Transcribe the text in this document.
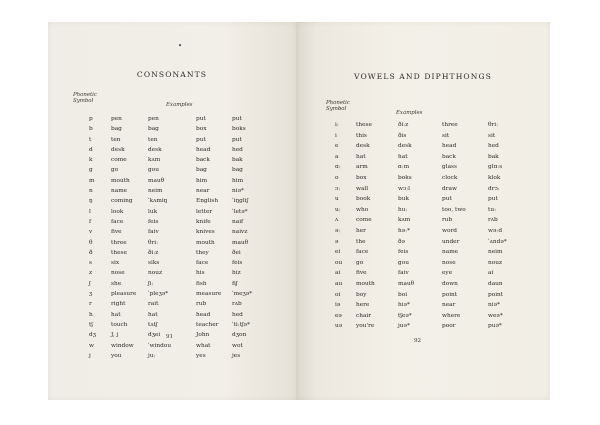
•
CONSONANTS
Phonetic Symbol
Examples
p	pen	pen	put	put
b	bag	bag	box	boks
t	ten	ten	put	put
d	desk	desk	head	hed
k	come	kʌm	back	bak
g	go	gou	bag	bag
m	mouth	mauθ	him	him
n	name	neim	near	niə*
ŋ	coming	ˈkʌmiŋ	English ˈiŋgliʃ
l	look	luk	letter	ˈletə*
f	face	feis	knife	naif
v	five	faiv	knives	naivz
θ	three	θriː	mouth	mauθ
ð	these	ðiːz	they	ðei
s	six	siks	face	feis
z	nose	nouz	his	hiz
ʃ	she	ʃiː	fish	fiʃ
ʒ	pleasure ˈpleʒə*	measure ˈmeʒə*
r	right	rait	rub	rʌb
h	hat	hat	head	hed
tʃ	touch	tʌtʃ	teacher ˈtiːtʃə*
dʒ	J, j	dʒei	John	dʒon
w	window ˈwindou	what	wot
j	you	juː	yes	jes
91
VOWELS AND DIPHTHONGS
Phonetic Symbol
Examples
iː	these	ðiːz	three	θriː
i	this	ðis	sit	sit
e	desk	desk	head	hed
a	hat	hat	back	bak
ɑː	arm	ɑːm	glass	glɑːs
o	box	boks	clock	klok
ɔː	wall	wɔːl	draw	drɔː
u	book	buk	put	put
uː	who	huː	too, two	tuː
ʌ	come	kʌm	rub	rʌb
əː	her	həː*	word	wəːd
ə	the	ðə	under	ˈʌndə*
ei	face	feis	name	neim
ou go	gou	nose	nouz
ai	five	faiv	eye	ai
au mouth	mauθ	down	daun
oi	boy	boi	point	point
iə	here	hiə*	near	niə*
eə chair	tʃeə*	where	weə*
uə you're	juə*	poor	puə*
92
